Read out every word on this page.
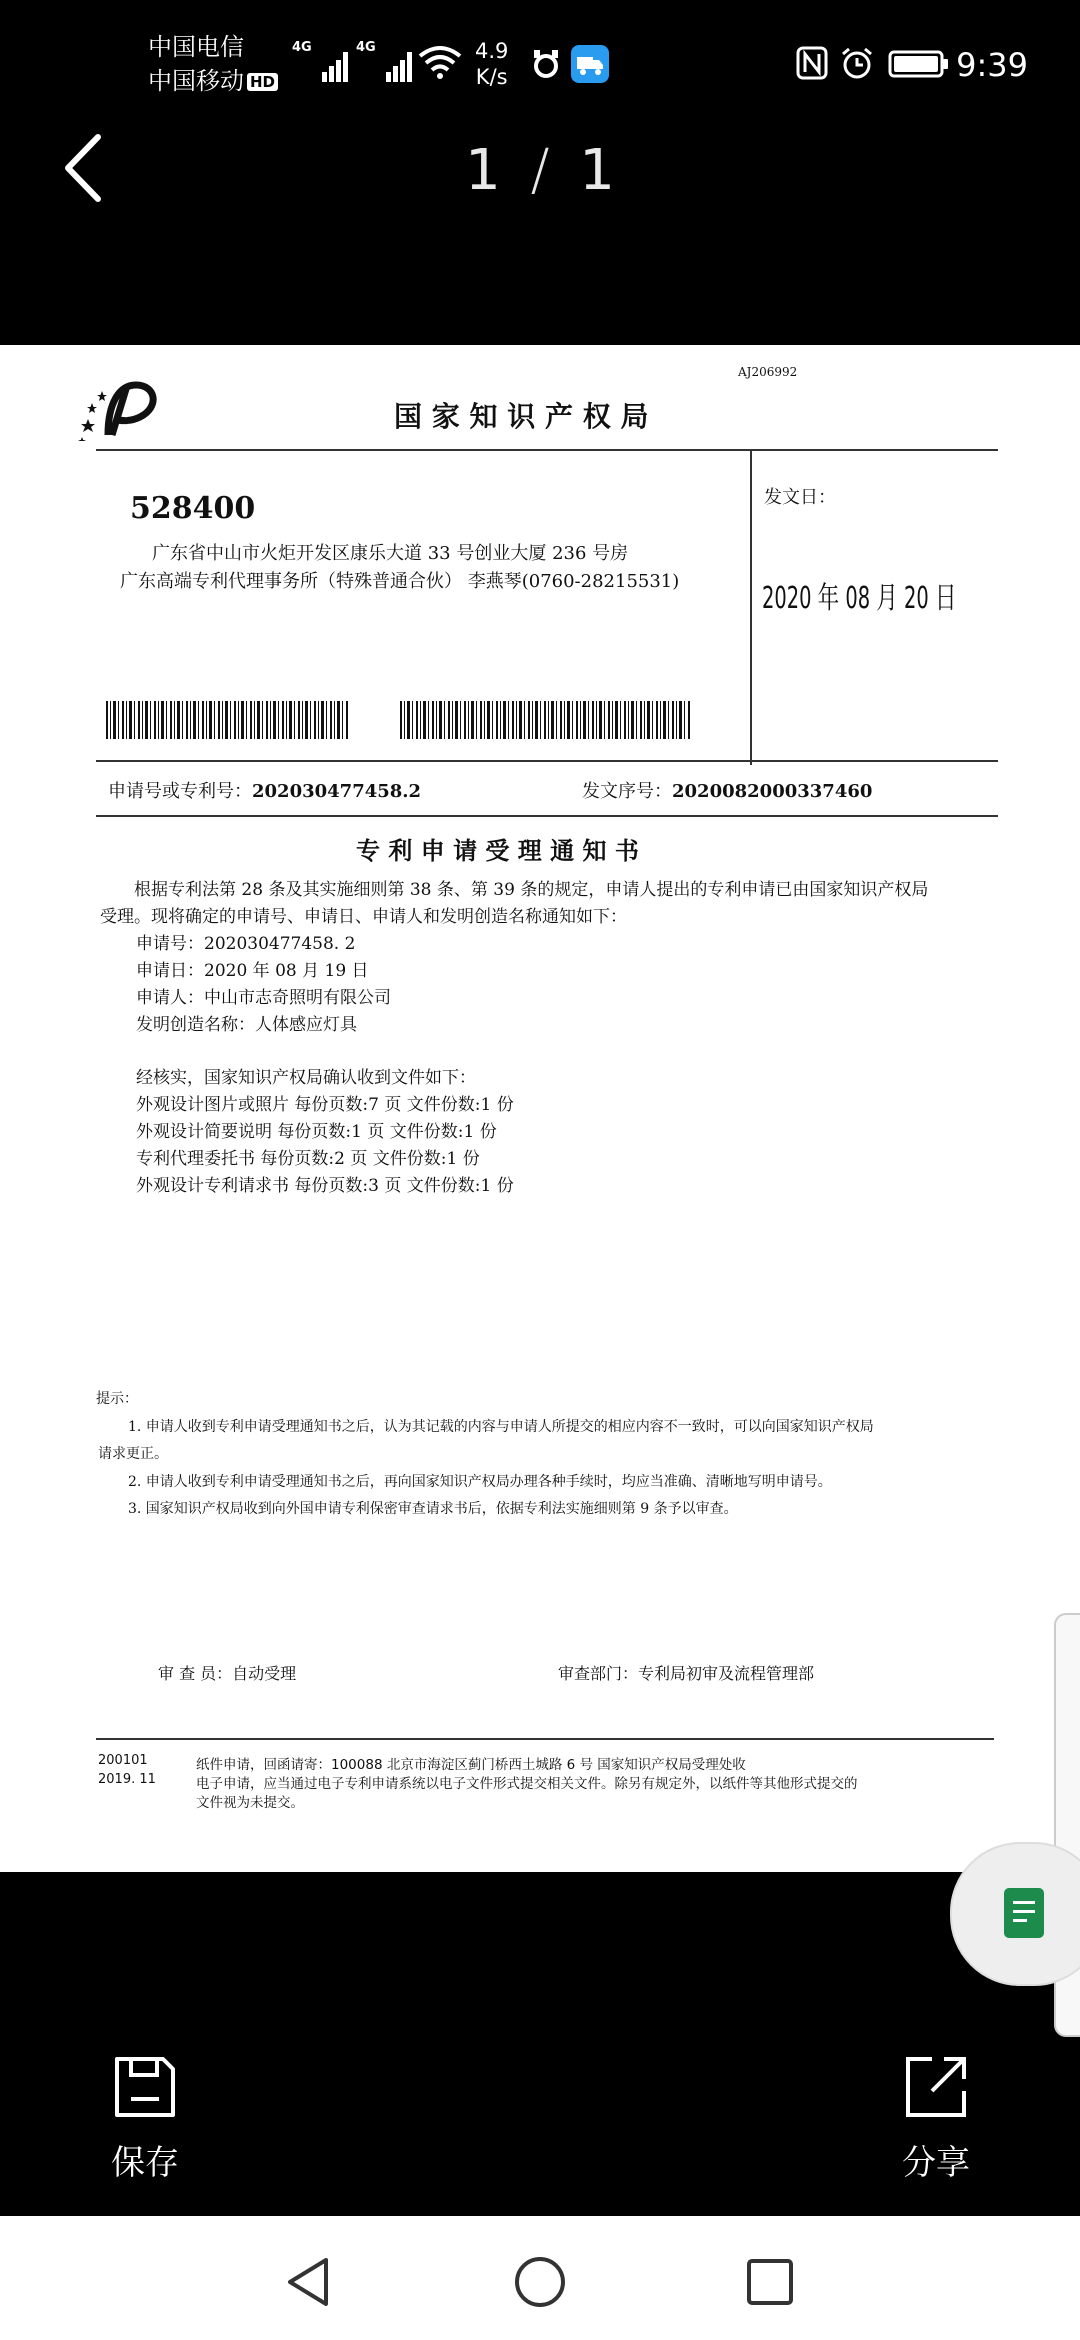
中国电信
中国移动 HD
4G	4G	4.9
K/s	9:39
1 / 1
AJ206992
国 家 知 识 产 权 局
528400
广东省中山市火炬开发区康乐大道 33 号创业大厦 236 号房
广东高端专利代理事务所（特殊普通合伙） 李燕琴(0760-28215531)
发文日：
2020 年 08 月 20 日
申请号或专利号：202030477458.2	发文序号：2020082000337460
专 利 申 请 受 理 通 知 书
根据专利法第 28 条及其实施细则第 38 条、第 39 条的规定，申请人提出的专利申请已由国家知识产权局
受理。现将确定的申请号、申请日、申请人和发明创造名称通知如下：
申请号：202030477458. 2
申请日：2020 年 08 月 19 日
申请人：中山市志奇照明有限公司
发明创造名称：人体感应灯具
经核实，国家知识产权局确认收到文件如下：
外观设计图片或照片 每份页数:7 页 文件份数:1 份
外观设计简要说明 每份页数:1 页 文件份数:1 份
专利代理委托书 每份页数:2 页 文件份数:1 份
外观设计专利请求书 每份页数:3 页 文件份数:1 份
提示：
1. 申请人收到专利申请受理通知书之后，认为其记载的内容与申请人所提交的相应内容不一致时，可以向国家知识产权局
请求更正。
2. 申请人收到专利申请受理通知书之后，再向国家知识产权局办理各种手续时，均应当准确、清晰地写明申请号。
3. 国家知识产权局收到向外国申请专利保密审查请求书后，依据专利法实施细则第 9 条予以审查。
审 查 员：自动受理	审查部门：专利局初审及流程管理部
200101
2019. 11
纸件申请，回函请寄：100088 北京市海淀区蓟门桥西土城路 6 号 国家知识产权局受理处收
电子申请，应当通过电子专利申请系统以电子文件形式提交相关文件。除另有规定外，以纸件等其他形式提交的
文件视为未提交。
保存	分享
